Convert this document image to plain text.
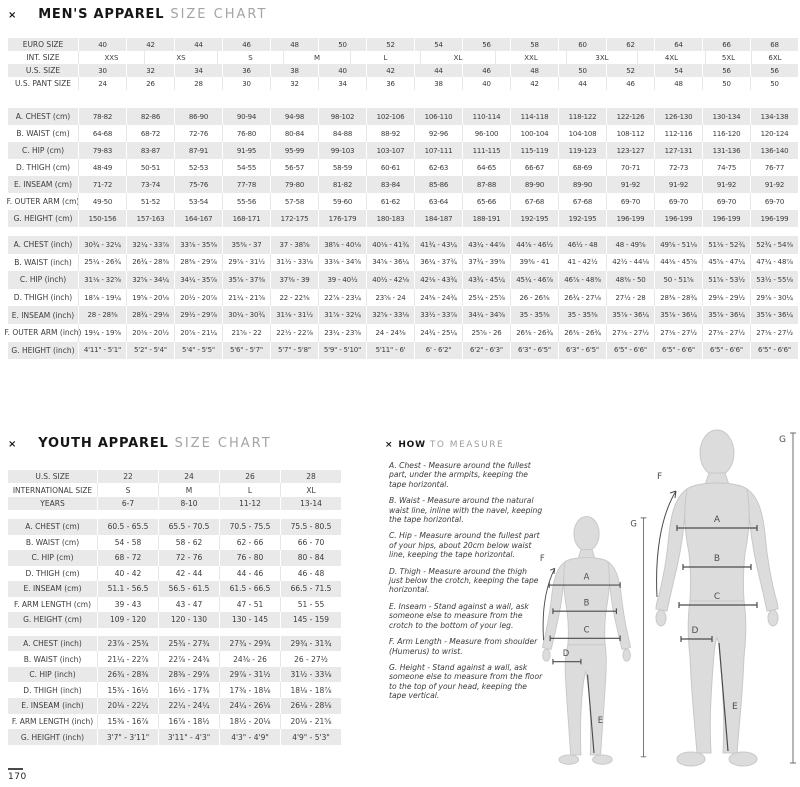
× MEN'S APPAREL SIZE CHART
EURO SIZE	40	42	44	46	48	50	52	54	56	58	60	62	64	66	68
INT. SIZE	XXS	XS	S	M	L	XL	XXL	3XL	4XL	5XL	6XL
U.S. SIZE	30	32	34	36	38	40	42	44	46	48	50	52	54	56	56
U.S. PANT SIZE	24	26	28	30	32	34	36	38	40	42	44	46	48	50	50
A. CHEST (cm)	78-82	82-86	86-90	90-94	94-98	98-102	102-106	106-110	110-114	114-118	118-122	122-126	126-130	130-134	134-138
B. WAIST (cm)	64-68	68-72	72-76	76-80	80-84	84-88	88-92	92-96	96-100	100-104	104-108	108-112	112-116	116-120	120-124
C. HIP (cm)	79-83	83-87	87-91	91-95	95-99	99-103	103-107	107-111	111-115	115-119	119-123	123-127	127-131	131-136	136-140
D. THIGH (cm)	48-49	50-51	52-53	54-55	56-57	58-59	60-61	62-63	64-65	66-67	68-69	70-71	72-73	74-75	76-77
E. INSEAM (cm)	71-72	73-74	75-76	77-78	79-80	81-82	83-84	85-86	87-88	89-90	89-90	91-92	91-92	91-92	91-92
F. OUTER ARM (cm)	49-50	51-52	53-54	55-56	57-58	59-60	61-62	63-64	65-66	67-68	67-68	69-70	69-70	69-70	69-70
G. HEIGHT (cm)	150-156	157-163	164-167	168-171	172-175	176-179	180-183	184-187	188-191	192-195	192-195	196-199	196-199	196-199	196-199
A. CHEST (inch)	30¾ - 32¼	32¼ - 33⅞	33⅞ - 35⅜	35⅜ - 37	37 - 38⅝	38⅝ - 40⅛	40⅛ - 41¾	41¾ - 43¼	43¼ - 44⅞	44⅞ - 46½	46½ - 48	48 - 49⅝	49⅝ - 51⅛	51⅛ - 52¾	52¾ - 54⅜
B. WAIST (inch)	25¼ - 26¾	26¾ - 28⅜	28⅜ - 29⅞	29⅞ - 31½	31½ - 33⅛	33⅛ - 34⅝	34⅝ - 36¼	36¼ - 37¾	37¾ - 39⅜	39⅜ - 41	41 - 42½	42½ - 44⅛	44⅛ - 45⅝	45⅝ - 47¼	47¼ - 48⅞
C. HIP (inch)	31⅛ - 32⅝	32⅝ - 34¼	34¼ - 35⅞	35⅞ - 37⅜	37⅜ - 39	39 - 40½	40½ - 42⅛	42⅛ - 43¾	43¾ - 45¼	45¼ - 46⅞	46⅞ - 48⅜	48⅜ - 50	50 - 51⅝	51⅝ - 53½	53½ - 55⅛
D. THIGH (inch)	18⅞ - 19¼	19⅝ - 20⅛	20½ - 20⅞	21¼ - 21⅝	22 - 22⅜	22⅞ - 23¼	23⅝ - 24	24⅜ - 24¾	25¼ - 25⅝	26 - 26⅜	26¾ - 27⅛	27½ - 28	28⅜ - 28¾	29⅛ - 29½	29⅞ - 30¼
E. INSEAM (inch)	28 - 28⅜	28¾ - 29⅛	29½ - 29⅞	30¼ - 30¾	31⅛ - 31½	31⅞ - 32¼	32⅝ - 33⅛	33½ - 33⅞	34¼ - 34⅝	35 - 35⅜	35 - 35⅜	35⅞ - 36¼	35⅞ - 36¼	35⅞ - 36¼	35⅞ - 36¼
F. OUTER ARM (inch) 19¼ - 19⅝	20⅛ - 20½	20⅞ - 21¼	21⅝ - 22	22½ - 22⅞	23¼ - 23⅝	24 - 24⅜	24¾ - 25¼	25⅝ - 26	26⅜ - 26¾	26⅜ - 26¾	27⅛ - 27½	27⅛ - 27½	27⅛ - 27½	27⅛ - 27½
G. HEIGHT (inch)	4'11" - 5'1"	5'2" - 5'4"	5'4" - 5'5"	5'6" - 5'7"	5'7" - 5'8"	5'9" - 5'10"	5'11" - 6'	6' - 6'2"	6'2" - 6'3"	6'3" - 6'5"	6'3" - 6'5"	6'5" - 6'6"	6'5" - 6'6"	6'5" - 6'6"	6'5" - 6'6"
× YOUTH APPAREL SIZE CHART
U.S. SIZE	22	24	26	28
INTERNATIONAL SIZE	S	M	L	XL
YEARS	6-7	8-10	11-12	13-14
A. CHEST (cm)	60.5 - 65.5	65.5 - 70.5	70.5 - 75.5	75.5 - 80.5
B. WAIST (cm)	54 - 58	58 - 62	62 - 66	66 - 70
C. HIP (cm)	68 - 72	72 - 76	76 - 80	80 - 84
D. THIGH (cm)	40 - 42	42 - 44	44 - 46	46 - 48
E. INSEAM (cm)	51.1 - 56.5	56.5 - 61.5	61.5 - 66.5	66.5 - 71.5
F. ARM LENGTH (cm)	39 - 43	43 - 47	47 - 51	51 - 55
G. HEIGHT (cm)	109 - 120	120 - 130	130 - 145	145 - 159
A. CHEST (inch)	23⅞ - 25¾	25¾ - 27¾	27¾ - 29¾	29¾ - 31¾
B. WAIST (inch)	21¼ - 22⅞	22⅞ - 24⅜	24⅜ - 26	26 - 27½
C. HIP (inch)	26¾ - 28⅜	28⅜ - 29⅞	29⅞ - 31½	31½ - 33⅛
D. THIGH (inch)	15¾ - 16½	16½ - 17⅜	17⅜ - 18⅛	18⅛ - 18⅞
E. INSEAM (inch)	20⅛ - 22¼	22¼ - 24¼	24¼ - 26⅛	26⅛ - 28⅛
F. ARM LENGTH (inch)	15⅜ - 16⅞	16⅞ - 18½	18½ - 20⅛	20⅛ - 21⅝
G. HEIGHT (inch)	3'7" - 3'11"	3'11" - 4'3"	4'3" - 4'9"	4'9" - 5'3"
× HOW TO MEASURE

A. Chest - Measure around the fullest part, under the armpits, keeping the tape horizontal.

B. Waist - Measure around the natural waist line, inline with the navel, keeping the tape horizontal.

C. Hip - Measure around the fullest part of your hips, about 20cm below waist line, keeping the tape horizontal.

D. Thigh - Measure around the thigh just below the crotch, keeping the tape horizontal.

E. Inseam - Stand against a wall, ask someone else to measure from the crotch to the bottom of your leg.

F. Arm Length - Measure from shoulder (Humerus) to wrist.

G. Height - Stand against a wall, ask someone else to measure from the floor to the top of your head, keeping the tape vertical.

A
B
C
D
E
F
G	A
B
C
D
E
F
G
170
